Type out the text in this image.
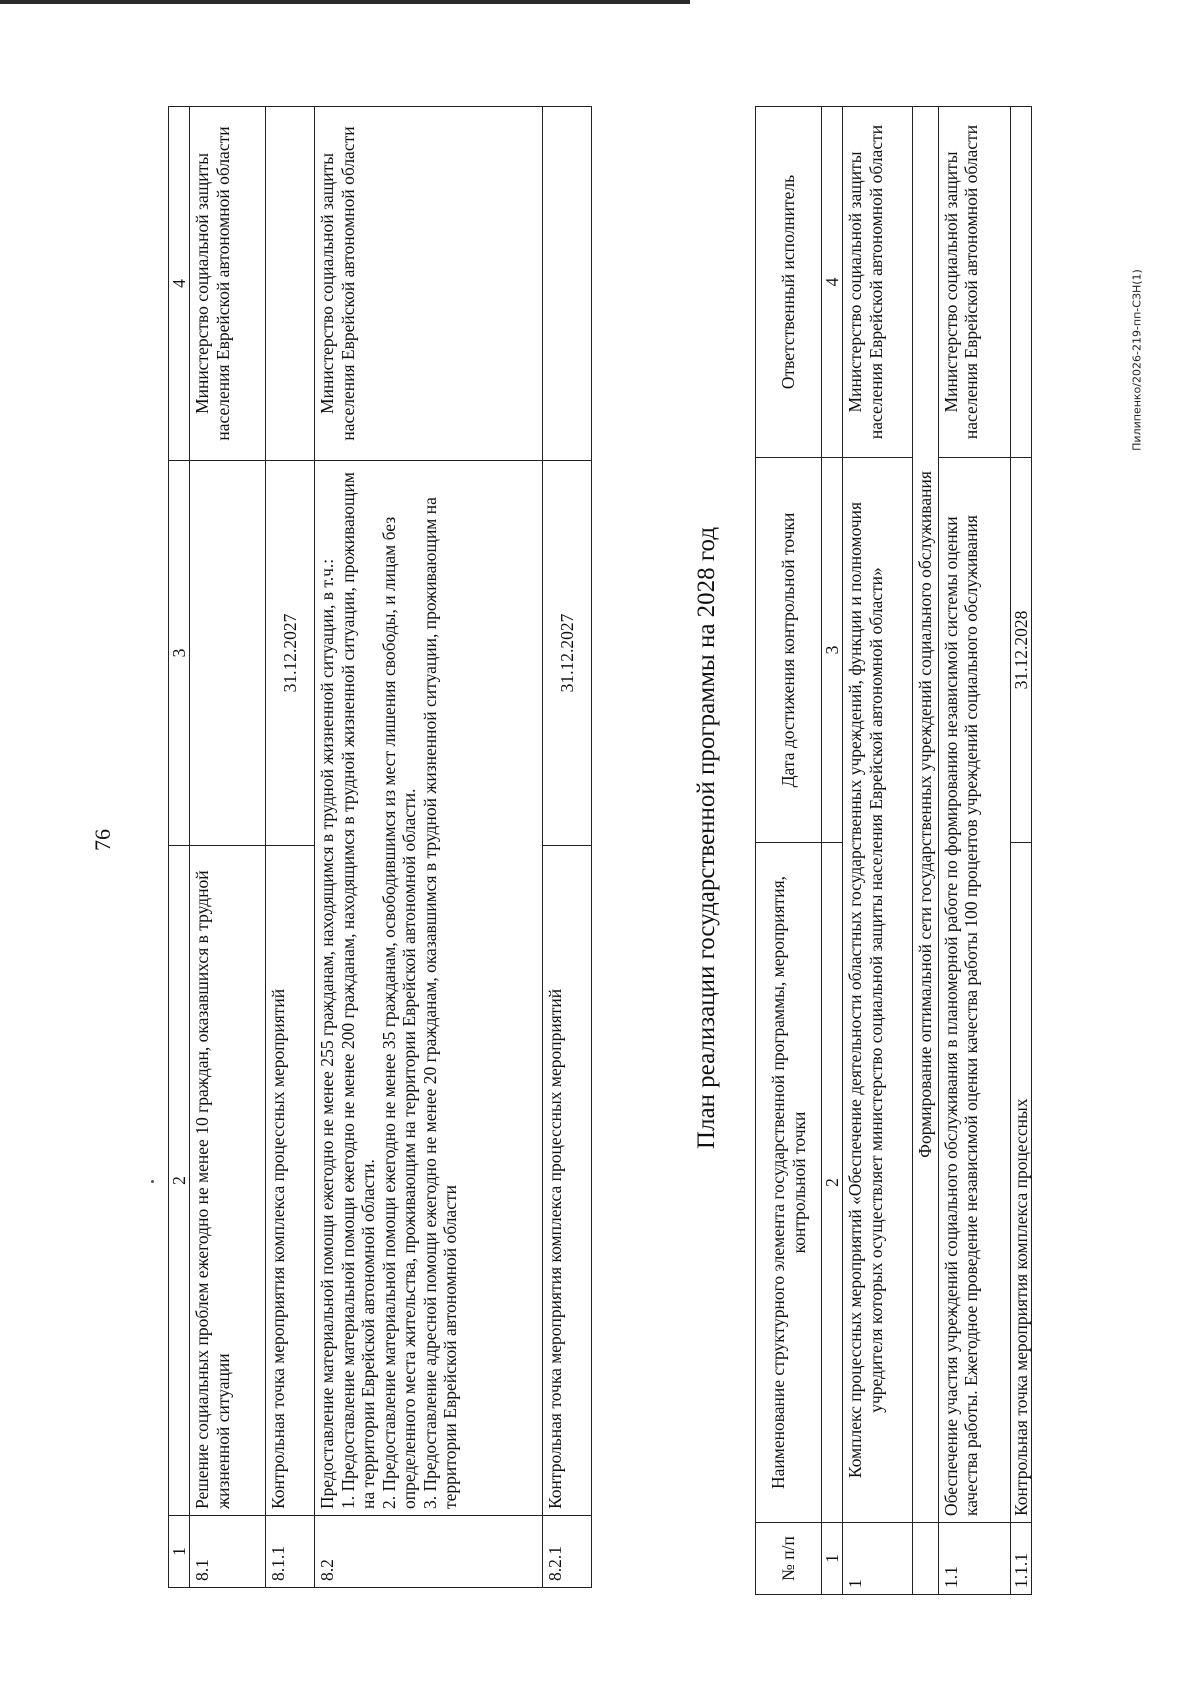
76
1	2	3	4
8.1	Решение социальных проблем ежегодно не менее 10 граждан, оказавшихся в трудной жизненной ситуации		Министерство социальной защиты населения Еврейской автономной области
8.1.1	Контрольная точка мероприятия комплекса процессных мероприятий	31.12.2027	
8.2	Предоставление материальной помощи ежегодно не менее 255 гражданам, находящимся в трудной жизненной ситуации, в т.ч.: 1. Предоставление материальной помощи ежегодно не менее 200 гражданам, находящимся в трудной жизненной ситуации, проживающим на территории Еврейской автономной области. 2. Предоставление материальной помощи ежегодно не менее 35 гражданам, освободившимся из мест лишения свободы, и лицам без определенного места жительства, проживающим на территории Еврейской автономной области. 3. Предоставление адресной помощи ежегодно не менее 20 гражданам, оказавшимся в трудной жизненной ситуации, проживающим на территории Еврейской автономной области		Министерство социальной защиты населения Еврейской автономной области
8.2.1	Контрольная точка мероприятия комплекса процессных мероприятий	31.12.2027		План реализации государственной программы на 2028 год
№ п/п	Наименование структурного элемента государственной программы, мероприятия, контрольной точки	Дата достижения контрольной точки	Ответственный исполнитель
1	2	3	4
1	Комплекс процессных мероприятий «Обеспечение деятельности областных государственных учреждений, функции и полномочия учредителя которых осуществляет министерство социальной защиты населения Еврейской автономной области»		Министерство социальной защиты населения Еврейской автономной области
	Формирование оптимальной сети государственных учреждений социального обслуживания		
1.1	Обеспечение участия учреждений социального обслуживания в планомерной работе по формированию независимой системы оценки качества работы. Ежегодное проведение независимой оценки качества работы 100 процентов учреждений социального обслуживания		Министерство социальной защиты населения Еврейской автономной области
1.1.1	Контрольная точка мероприятия комплекса процессных	31.12.2028	
Пилипенко/2026-219-пп-СЗН(1)
